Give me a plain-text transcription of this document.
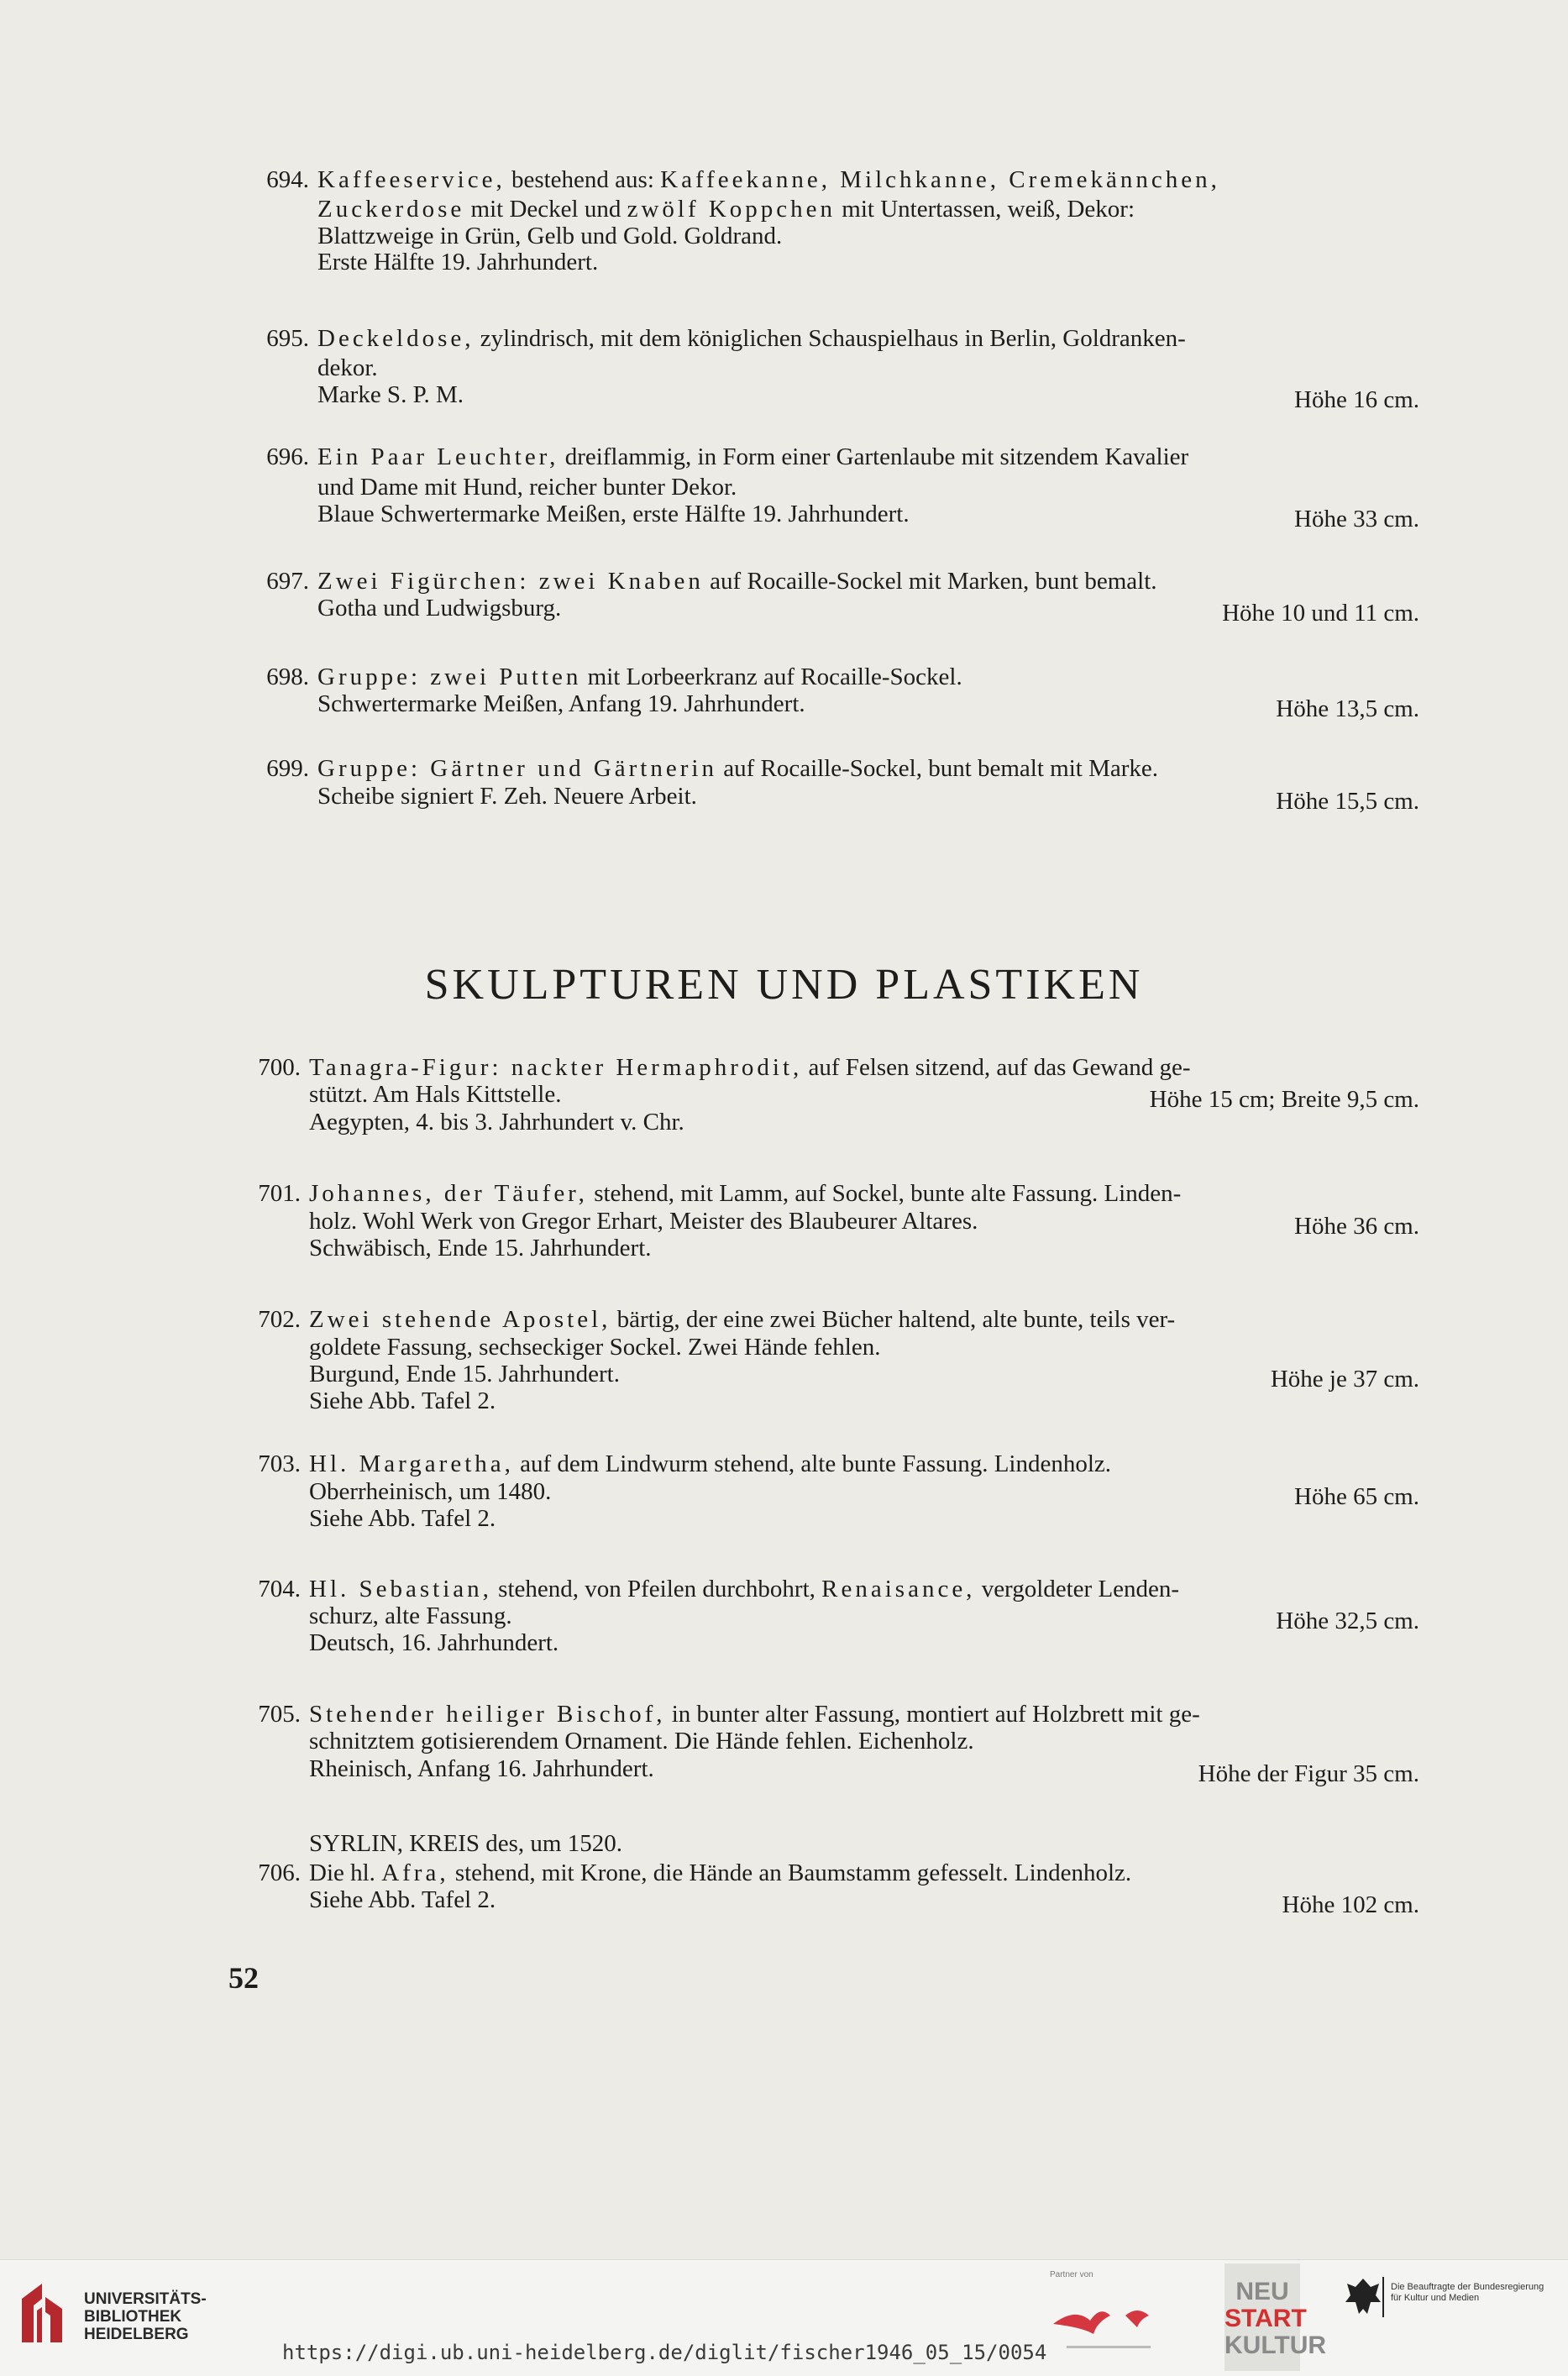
694. Kaffeeservice, bestehend aus: Kaffeekanne, Milchkanne, Cremekännchen,
Zuckerdose mit Deckel und zwölf Koppchen mit Untertassen, weiß, Dekor:
Blattzweige in Grün, Gelb und Gold. Goldrand.
Erste Hälfte 19. Jahrhundert.
695. Deckeldose, zylindrisch, mit dem königlichen Schauspielhaus in Berlin, Goldranken-
dekor.
Marke S. P. M.	Höhe 16 cm.
696. Ein Paar Leuchter, dreiflammig, in Form einer Gartenlaube mit sitzendem Kavalier
und Dame mit Hund, reicher bunter Dekor.
Blaue Schwertermarke Meißen, erste Hälfte 19. Jahrhundert.	Höhe 33 cm.
697. Zwei Figürchen: zwei Knaben auf Rocaille-Sockel mit Marken, bunt bemalt.
Gotha und Ludwigsburg.	Höhe 10 und 11 cm.
698. Gruppe: zwei Putten mit Lorbeerkranz auf Rocaille-Sockel.
Schwertermarke Meißen, Anfang 19. Jahrhundert.	Höhe 13,5 cm.
699. Gruppe: Gärtner und Gärtnerin auf Rocaille-Sockel, bunt bemalt mit Marke.
Scheibe signiert F. Zeh. Neuere Arbeit.	Höhe 15,5 cm.
SKULPTUREN UND PLASTIKEN
700. Tanagra-Figur: nackter Hermaphrodit, auf Felsen sitzend, auf das Gewand ge-
stützt. Am Hals Kittstelle.	Höhe 15 cm; Breite 9,5 cm.
Aegypten, 4. bis 3. Jahrhundert v. Chr.
701. Johannes, der Täufer, stehend, mit Lamm, auf Sockel, bunte alte Fassung. Linden-
holz. Wohl Werk von Gregor Erhart, Meister des Blaubeurer Altares.	Höhe 36 cm.
Schwäbisch, Ende 15. Jahrhundert.
702. Zwei stehende Apostel, bärtig, der eine zwei Bücher haltend, alte bunte, teils ver-
goldete Fassung, sechseckiger Sockel. Zwei Hände fehlen.
Burgund, Ende 15. Jahrhundert.	Höhe je 37 cm.
Siehe Abb. Tafel 2.
703. Hl. Margaretha, auf dem Lindwurm stehend, alte bunte Fassung. Lindenholz.
Oberrheinisch, um 1480.	Höhe 65 cm.
Siehe Abb. Tafel 2.
704. Hl. Sebastian, stehend, von Pfeilen durchbohrt, Renaisance, vergoldeter Lenden-
schurz, alte Fassung.	Höhe 32,5 cm.
Deutsch, 16. Jahrhundert.
705. Stehender heiliger Bischof, in bunter alter Fassung, montiert auf Holzbrett mit ge-
schnitztem gotisierendem Ornament. Die Hände fehlen. Eichenholz.
Rheinisch, Anfang 16. Jahrhundert.	Höhe der Figur 35 cm.
SYRLIN, KREIS des, um 1520.
706. Die hl. Afra, stehend, mit Krone, die Hände an Baumstamm gefesselt. Lindenholz.
Siehe Abb. Tafel 2.	Höhe 102 cm.
52
UNIVERSITÄTS-
BIBLIOTHEK
HEIDELBERG
https://digi.ub.uni-heidelberg.de/diglit/fischer1946_05_15/0054
Partner von
NEU
START
KULTUR
Die Beauftragte der Bundesregierung
für Kultur und Medien
